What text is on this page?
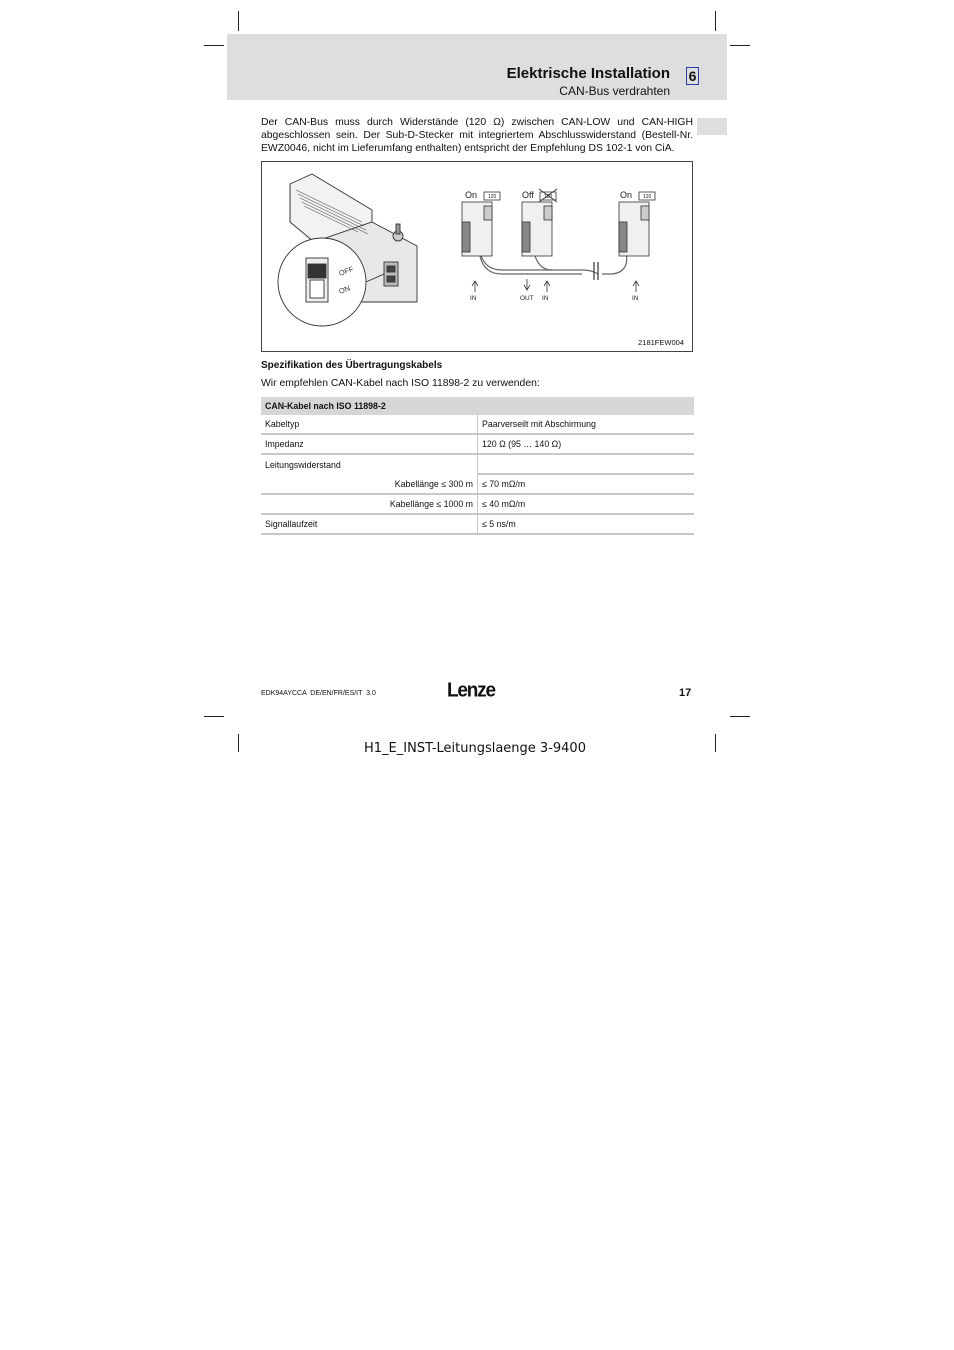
Elektrische Installation
CAN-Bus verdrahten
6
Der CAN-Bus muss durch Widerstände (120 Ω) zwischen CAN-LOW und CAN-HIGH abgeschlossen sein. Der Sub-D-Stecker mit integriertem Abschlusswiderstand (Bestell-Nr. EWZ0046, nicht im Lieferumfang enthalten) entspricht der Empfehlung DS 102-1 von CiA.
OFF
ON
On 120	Off 120	On 120
IN	OUT IN	IN
2181FEW004
Spezifikation des Übertragungskabels
Wir empfehlen CAN-Kabel nach ISO 11898-2 zu verwenden:
CAN-Kabel nach ISO 11898-2	
Kabeltyp	Paarverseilt mit Abschirmung
Impedanz	120 Ω (95 … 140 Ω)
Leitungswiderstand	
Kabellänge ≤ 300 m	≤ 70 mΩ/m
Kabellänge ≤ 1000 m	≤ 40 mΩ/m
Signallaufzeit	≤ 5 ns/m
EDK94AYCCA  DE/EN/FR/ES/IT  3.0	Lenze	17
H1_E_INST-Leitungslaenge 3-9400
